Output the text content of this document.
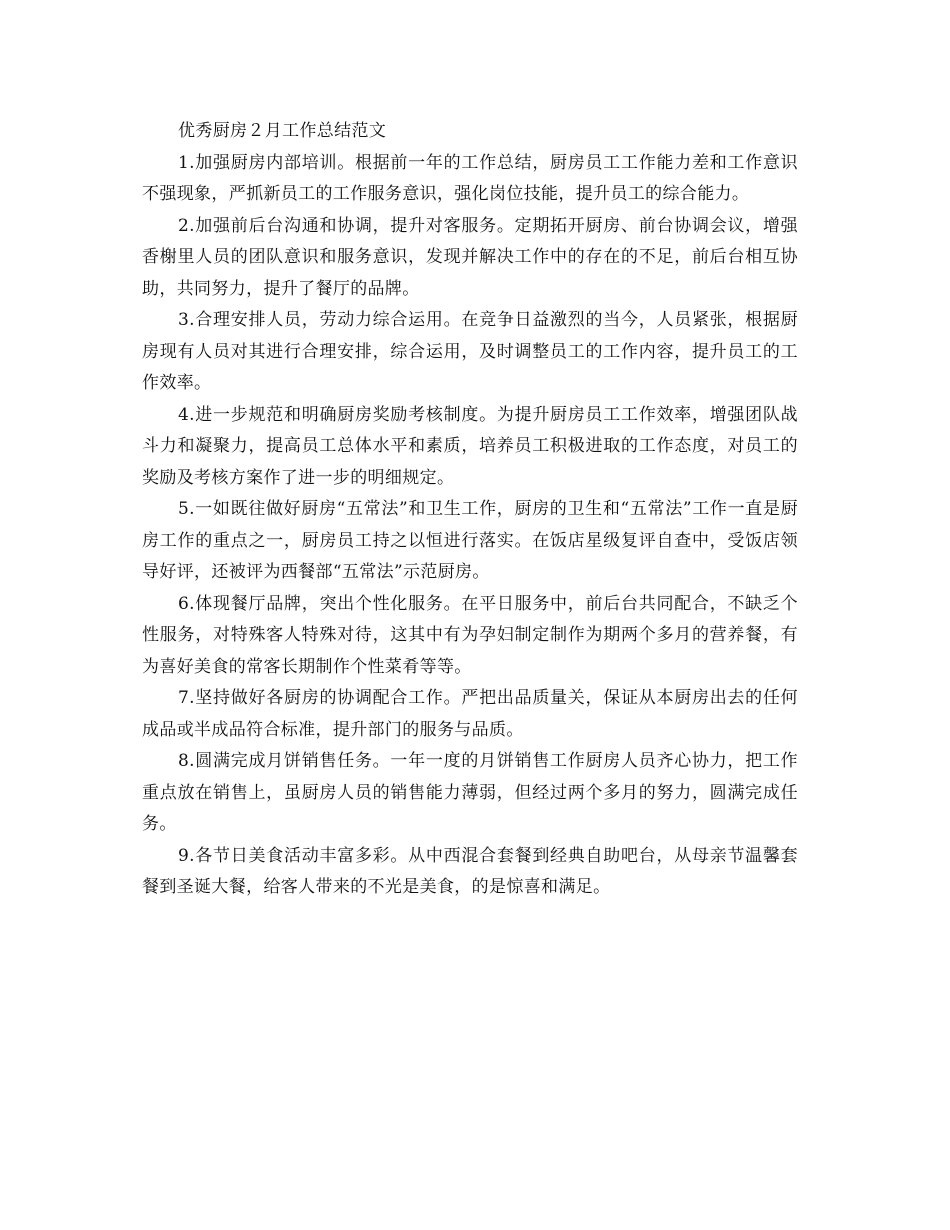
优秀厨房２月工作总结范文

1.加强厨房内部培训。根据前一年的工作总结，厨房员工工作能力差和工作意识不强现象，严抓新员工的工作服务意识，强化岗位技能，提升员工的综合能力。

2.加强前后台沟通和协调，提升对客服务。定期拓开厨房、前台协调会议，增强香榭里人员的团队意识和服务意识，发现并解决工作中的存在的不足，前后台相互协助，共同努力，提升了餐厅的品牌。

3.合理安排人员，劳动力综合运用。在竞争日益激烈的当今，人员紧张，根据厨房现有人员对其进行合理安排，综合运用，及时调整员工的工作内容，提升员工的工作效率。

4.进一步规范和明确厨房奖励考核制度。为提升厨房员工工作效率，增强团队战斗力和凝聚力，提高员工总体水平和素质，培养员工积极进取的工作态度，对员工的奖励及考核方案作了进一步的明细规定。

5.一如既往做好厨房“五常法”和卫生工作，厨房的卫生和“五常法”工作一直是厨房工作的重点之一，厨房员工持之以恒进行落实。在饭店星级复评自查中，受饭店领导好评，还被评为西餐部“五常法”示范厨房。

6.体现餐厅品牌，突出个性化服务。在平日服务中，前后台共同配合，不缺乏个性服务，对特殊客人特殊对待，这其中有为孕妇制定制作为期两个多月的营养餐，有为喜好美食的常客长期制作个性菜肴等等。

7.坚持做好各厨房的协调配合工作。严把出品质量关，保证从本厨房出去的任何成品或半成品符合标准，提升部门的服务与品质。

8.圆满完成月饼销售任务。一年一度的月饼销售工作厨房人员齐心协力，把工作重点放在销售上，虽厨房人员的销售能力薄弱，但经过两个多月的努力，圆满完成任务。

9.各节日美食活动丰富多彩。从中西混合套餐到经典自助吧台，从母亲节温馨套餐到圣诞大餐，给客人带来的不光是美食，的是惊喜和满足。
